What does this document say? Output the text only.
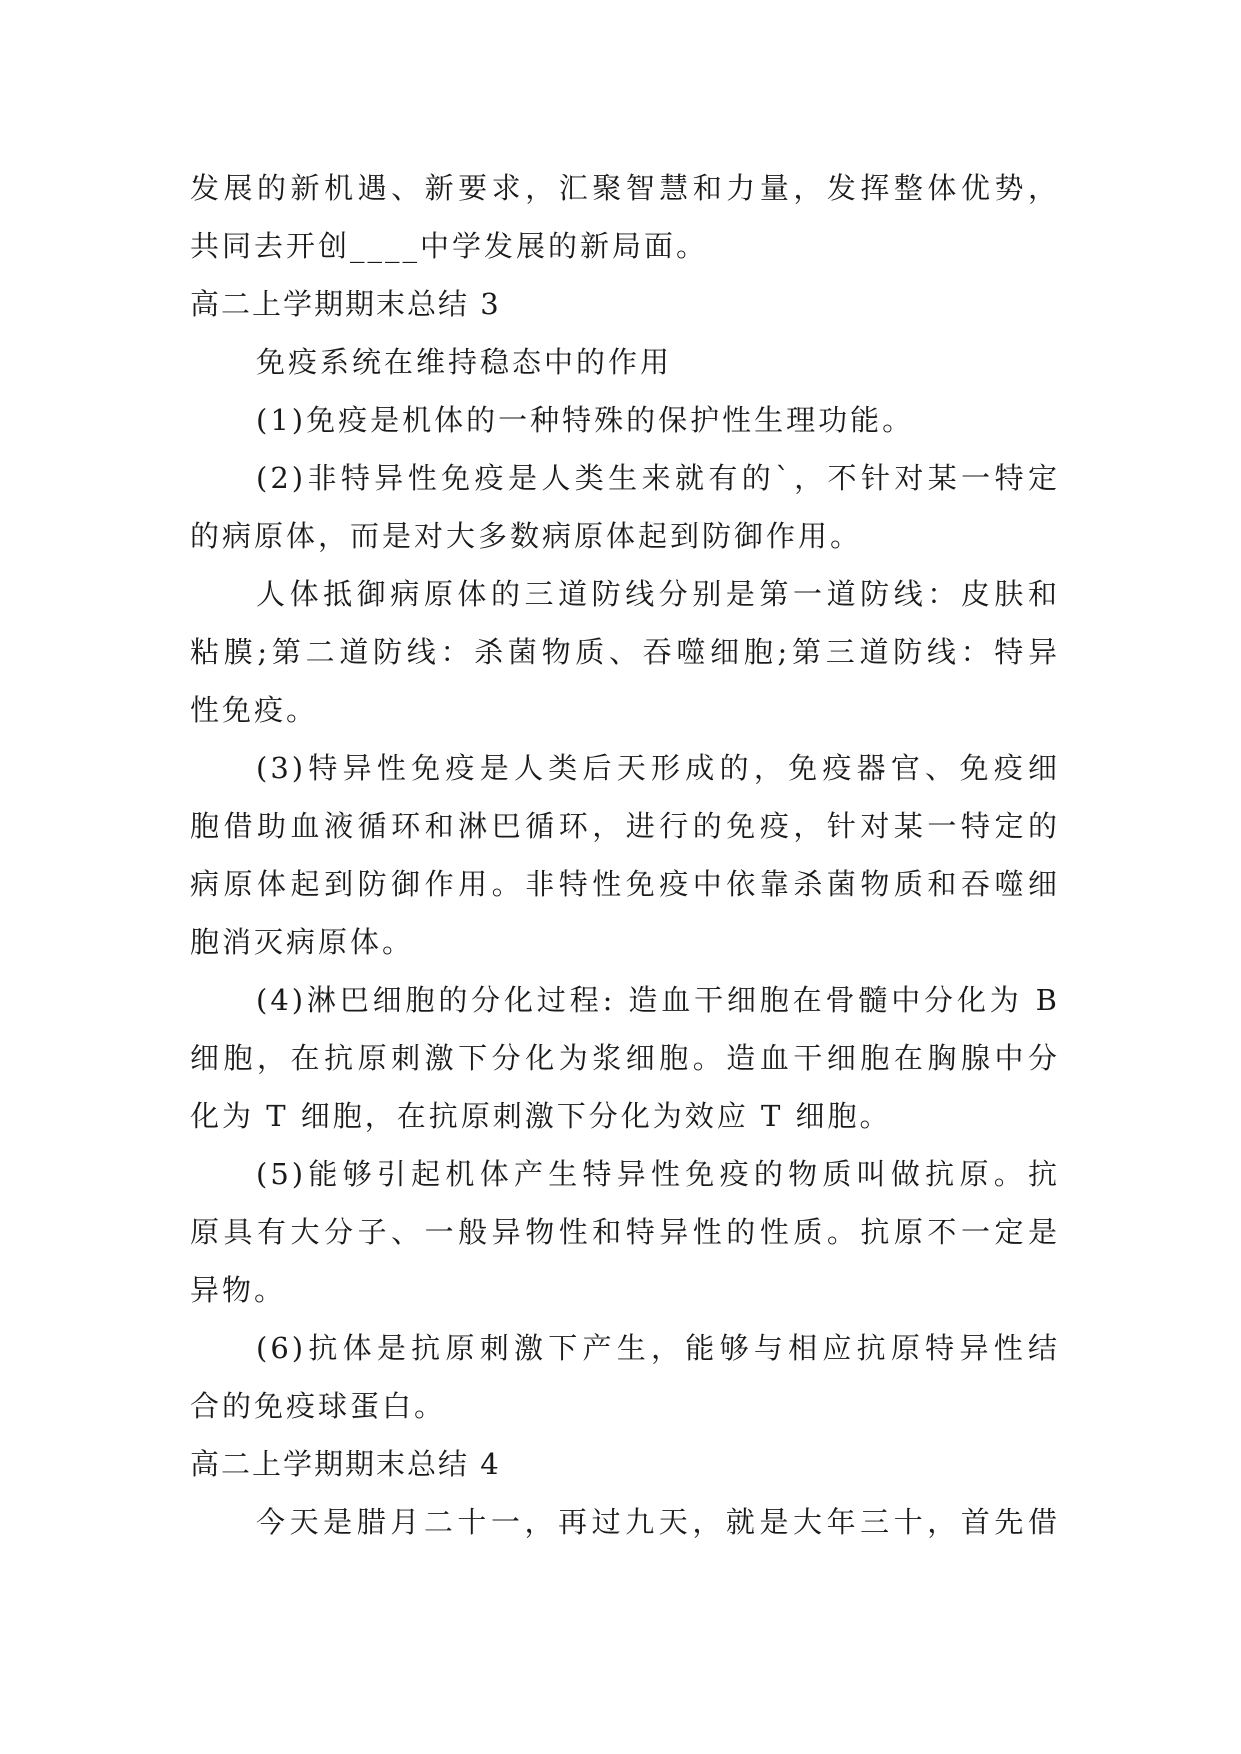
发展的新机遇、新要求，汇聚智慧和力量，发挥整体优势，
共同去开创____中学发展的新局面。
高二上学期期末总结 3
免疫系统在维持稳态中的作用
(1)免疫是机体的一种特殊的保护性生理功能。
(2)非特异性免疫是人类生来就有的`，不针对某一特定
的病原体，而是对大多数病原体起到防御作用。
人体抵御病原体的三道防线分别是第一道防线：皮肤和
粘膜;第二道防线：杀菌物质、吞噬细胞;第三道防线：特异
性免疫。
(3)特异性免疫是人类后天形成的，免疫器官、免疫细
胞借助血液循环和淋巴循环，进行的免疫，针对某一特定的
病原体起到防御作用。非特性免疫中依靠杀菌物质和吞噬细
胞消灭病原体。
(4)淋巴细胞的分化过程: 造血干细胞在骨髓中分化为 B
细胞，在抗原刺激下分化为浆细胞。造血干细胞在胸腺中分
化为 T 细胞，在抗原刺激下分化为效应 T 细胞。
(5)能够引起机体产生特异性免疫的物质叫做抗原。抗
原具有大分子、一般异物性和特异性的性质。抗原不一定是
异物。
(6)抗体是抗原刺激下产生，能够与相应抗原特异性结
合的免疫球蛋白。
高二上学期期末总结 4
今天是腊月二十一，再过九天，就是大年三十，首先借
